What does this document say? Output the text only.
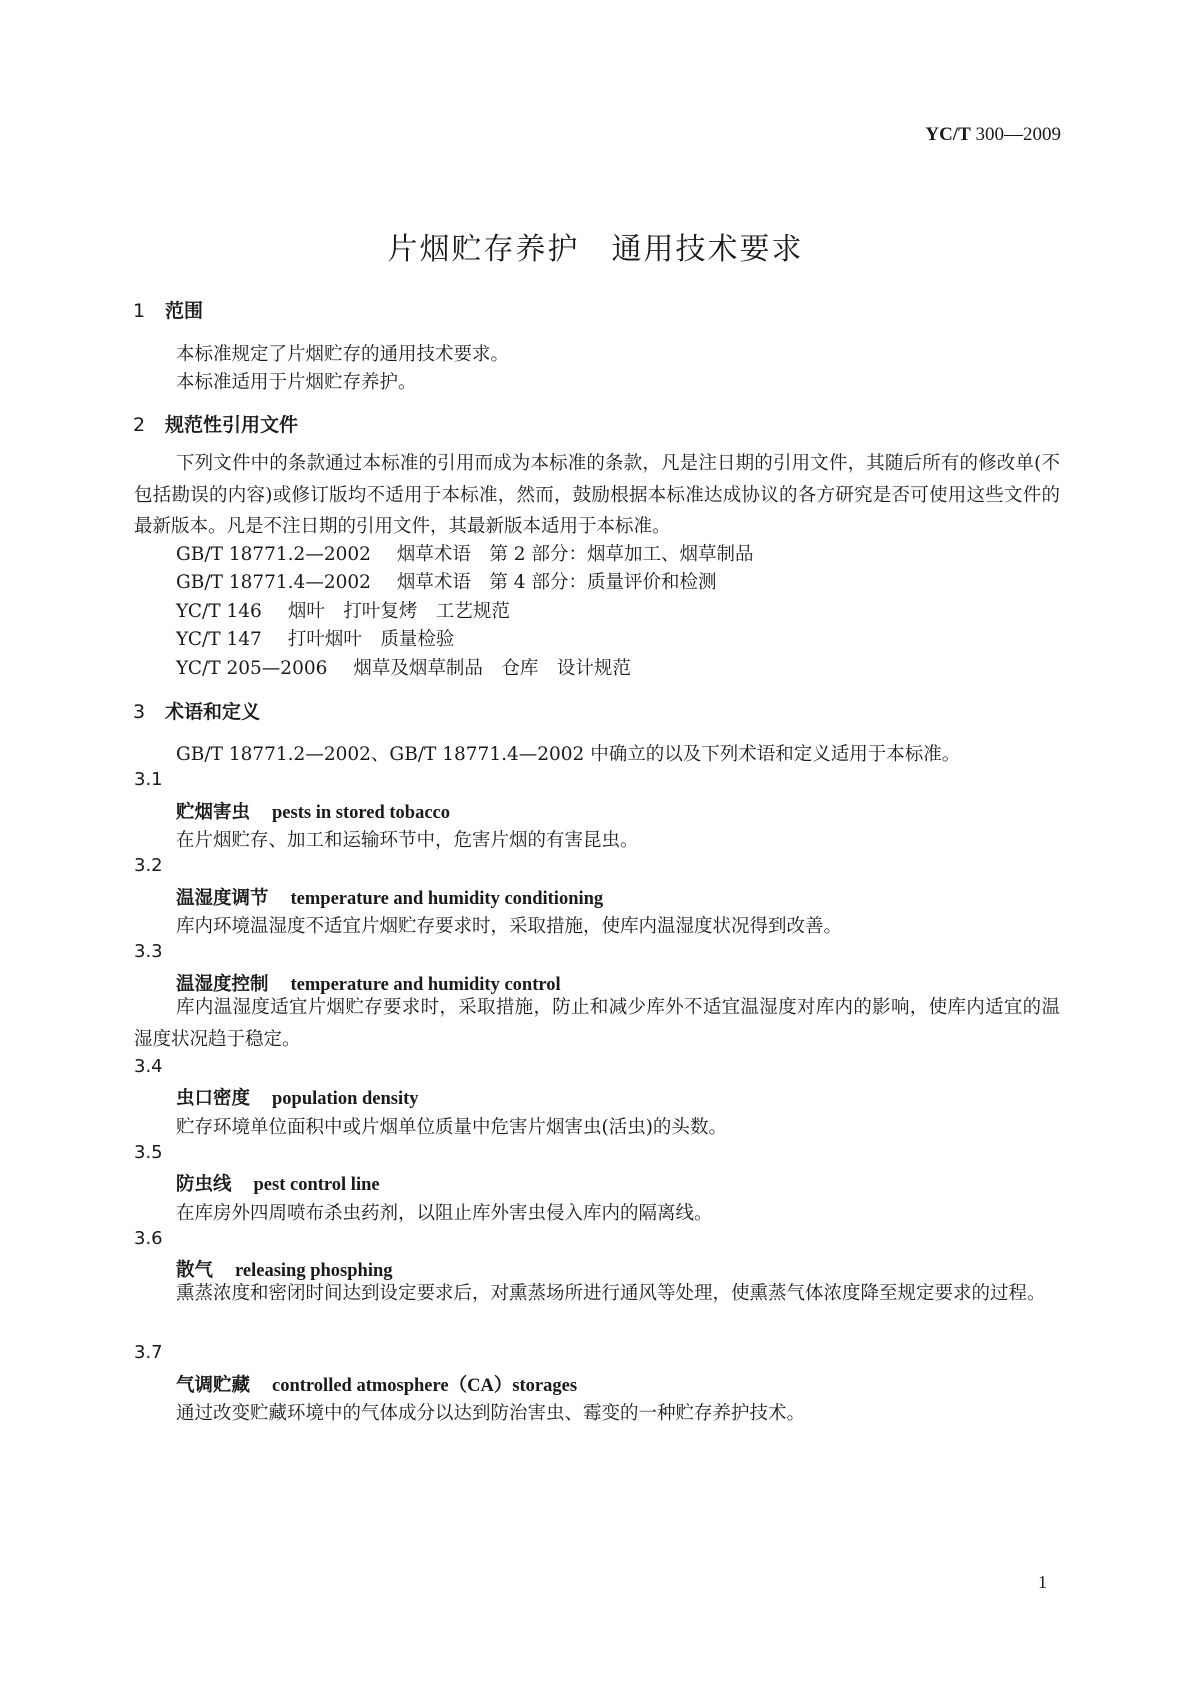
YC/T 300—2009
片烟贮存养护　通用技术要求
1 范围
本标准规定了片烟贮存的通用技术要求。
本标准适用于片烟贮存养护。
2 规范性引用文件
下列文件中的条款通过本标准的引用而成为本标准的条款，凡是注日期的引用文件，其随后所有的修改单(不包括勘误的内容)或修订版均不适用于本标准，然而，鼓励根据本标准达成协议的各方研究是否可使用这些文件的最新版本。凡是不注日期的引用文件，其最新版本适用于本标准。
GB/T 18771.2—2002 烟草术语　第 2 部分：烟草加工、烟草制品
GB/T 18771.4—2002 烟草术语　第 4 部分：质量评价和检测
YC/T 146 烟叶　打叶复烤　工艺规范
YC/T 147 打叶烟叶　质量检验
YC/T 205—2006 烟草及烟草制品　仓库　设计规范
3 术语和定义
GB/T 18771.2—2002、GB/T 18771.4—2002 中确立的以及下列术语和定义适用于本标准。
3.1
贮烟害虫 pests in stored tobacco
在片烟贮存、加工和运输环节中，危害片烟的有害昆虫。
3.2
温湿度调节 temperature and humidity conditioning
库内环境温湿度不适宜片烟贮存要求时，采取措施，使库内温湿度状况得到改善。
3.3
温湿度控制 temperature and humidity control
库内温湿度适宜片烟贮存要求时，采取措施，防止和减少库外不适宜温湿度对库内的影响，使库内适宜的温湿度状况趋于稳定。
3.4
虫口密度 population density
贮存环境单位面积中或片烟单位质量中危害片烟害虫(活虫)的头数。
3.5
防虫线 pest control line
在库房外四周喷布杀虫药剂，以阻止库外害虫侵入库内的隔离线。
3.6
散气 releasing phosphing
熏蒸浓度和密闭时间达到设定要求后，对熏蒸场所进行通风等处理，使熏蒸气体浓度降至规定要求的过程。
3.7
气调贮藏 controlled atmosphere（CA）storages
通过改变贮藏环境中的气体成分以达到防治害虫、霉变的一种贮存养护技术。
1
